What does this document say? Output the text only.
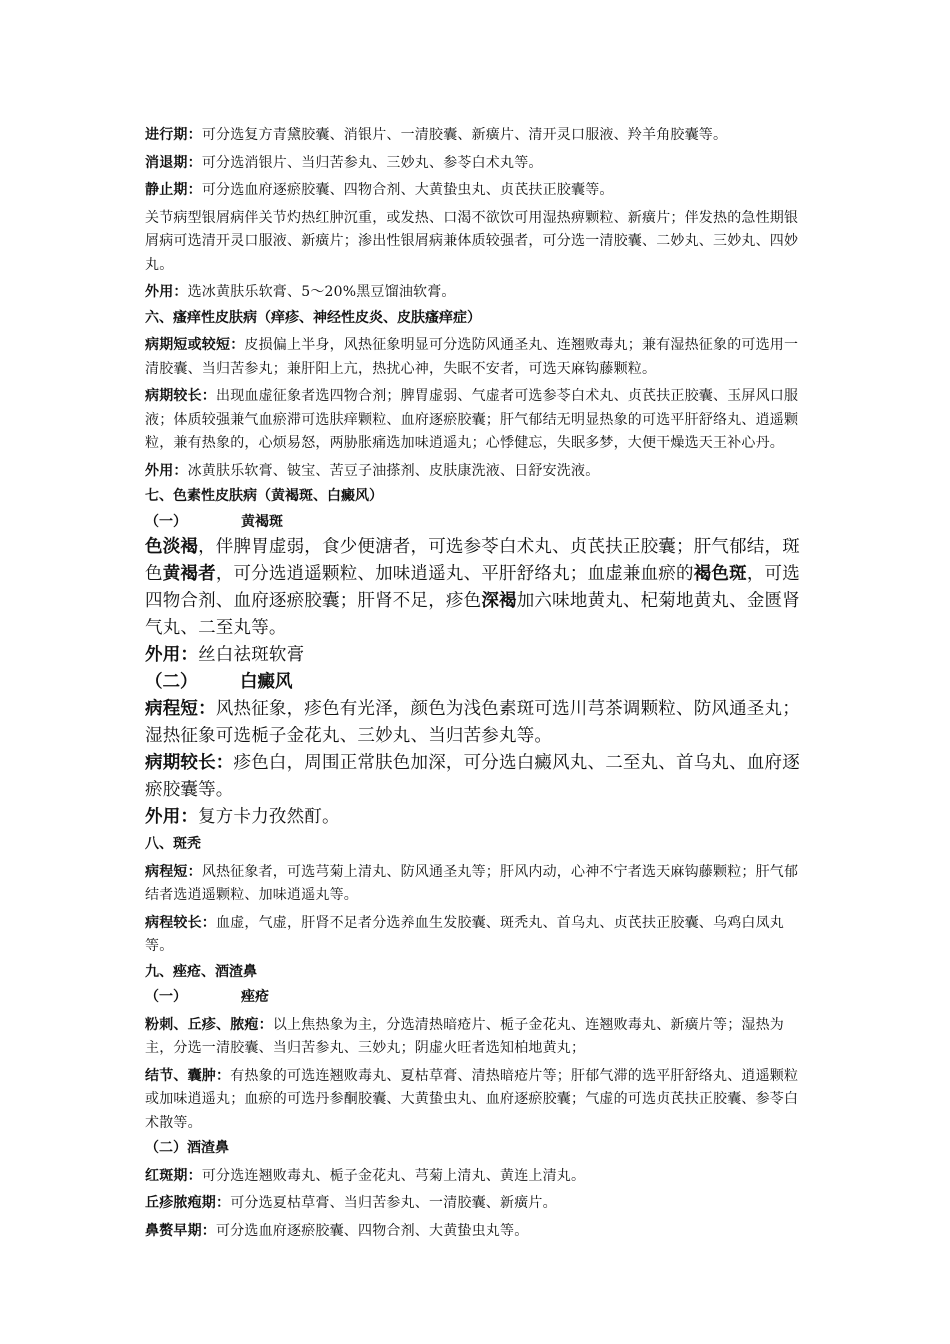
进行期：可分选复方青黛胶囊、消银片、一清胶囊、新癀片、清开灵口服液、羚羊角胶囊等。

消退期：可分选消银片、当归苦参丸、三妙丸、参苓白术丸等。

静止期：可分选血府逐瘀胶囊、四物合剂、大黄蛰虫丸、贞芪扶正胶囊等。

关节病型银屑病伴关节灼热红肿沉重，或发热、口渴不欲饮可用湿热痹颗粒、新癀片；伴发热的急性期银屑病可选清开灵口服液、新癀片；渗出性银屑病兼体质较强者，可分选一清胶囊、二妙丸、三妙丸、四妙丸。

外用：选冰黄肤乐软膏、5～20%黑豆馏油软膏。

六、瘙痒性皮肤病（痒疹、神经性皮炎、皮肤瘙痒症）

病期短或较短：皮损偏上半身，风热征象明显可分选防风通圣丸、连翘败毒丸；兼有湿热征象的可选用一清胶囊、当归苦参丸；兼肝阳上亢，热扰心神，失眠不安者，可选天麻钩藤颗粒。

病期较长：出现血虚征象者选四物合剂；脾胃虚弱、气虚者可选参苓白术丸、贞芪扶正胶囊、玉屏风口服液；体质较强兼气血瘀滞可选肤痒颗粒、血府逐瘀胶囊；肝气郁结无明显热象的可选平肝舒络丸、逍遥颗粒，兼有热象的，心烦易怒，两胁胀痛选加味逍遥丸；心悸健忘，失眠多梦，大便干燥选天王补心丹。

外用：冰黄肤乐软膏、铍宝、苦豆子油搽剂、皮肤康洗液、日舒安洗液。

七、色素性皮肤病（黄褐斑、白癜风）

（一）	黄褐斑

色淡褐，伴脾胃虚弱，食少便溏者，可选参苓白术丸、贞芪扶正胶囊；肝气郁结，斑色黄褐者，可分选逍遥颗粒、加味逍遥丸、平肝舒络丸；血虚兼血瘀的褐色斑，可选四物合剂、血府逐瘀胶囊；肝肾不足，疹色深褐加六味地黄丸、杞菊地黄丸、金匮肾气丸、二至丸等。

外用：丝白祛斑软膏

（二） 白癜风

病程短：风热征象，疹色有光泽，颜色为浅色素斑可选川芎茶调颗粒、防风通圣丸；湿热征象可选栀子金花丸、三妙丸、当归苦参丸等。

病期较长：疹色白，周围正常肤色加深，可分选白癜风丸、二至丸、首乌丸、血府逐瘀胶囊等。

外用：复方卡力孜然酊。

八、斑秃

病程短：风热征象者，可选芎菊上清丸、防风通圣丸等；肝风内动，心神不宁者选天麻钩藤颗粒；肝气郁结者选逍遥颗粒、加味逍遥丸等。

病程较长：血虚，气虚，肝肾不足者分选养血生发胶囊、斑秃丸、首乌丸、贞芪扶正胶囊、乌鸡白凤丸等。

九、痤疮、酒渣鼻

（一）	痤疮

粉刺、丘疹、脓疱：以上焦热象为主，分选清热暗疮片、栀子金花丸、连翘败毒丸、新癀片等；湿热为主，分选一清胶囊、当归苦参丸、三妙丸；阴虚火旺者选知柏地黄丸；

结节、囊肿：有热象的可选连翘败毒丸、夏枯草膏、清热暗疮片等；肝郁气滞的选平肝舒络丸、逍遥颗粒或加味逍遥丸；血瘀的可选丹参酮胶囊、大黄蛰虫丸、血府逐瘀胶囊；气虚的可选贞芪扶正胶囊、参苓白术散等。

（二）酒渣鼻

红斑期：可分选连翘败毒丸、栀子金花丸、芎菊上清丸、黄连上清丸。

丘疹脓疱期：可分选夏枯草膏、当归苦参丸、一清胶囊、新癀片。

鼻赘早期：可分选血府逐瘀胶囊、四物合剂、大黄蛰虫丸等。
